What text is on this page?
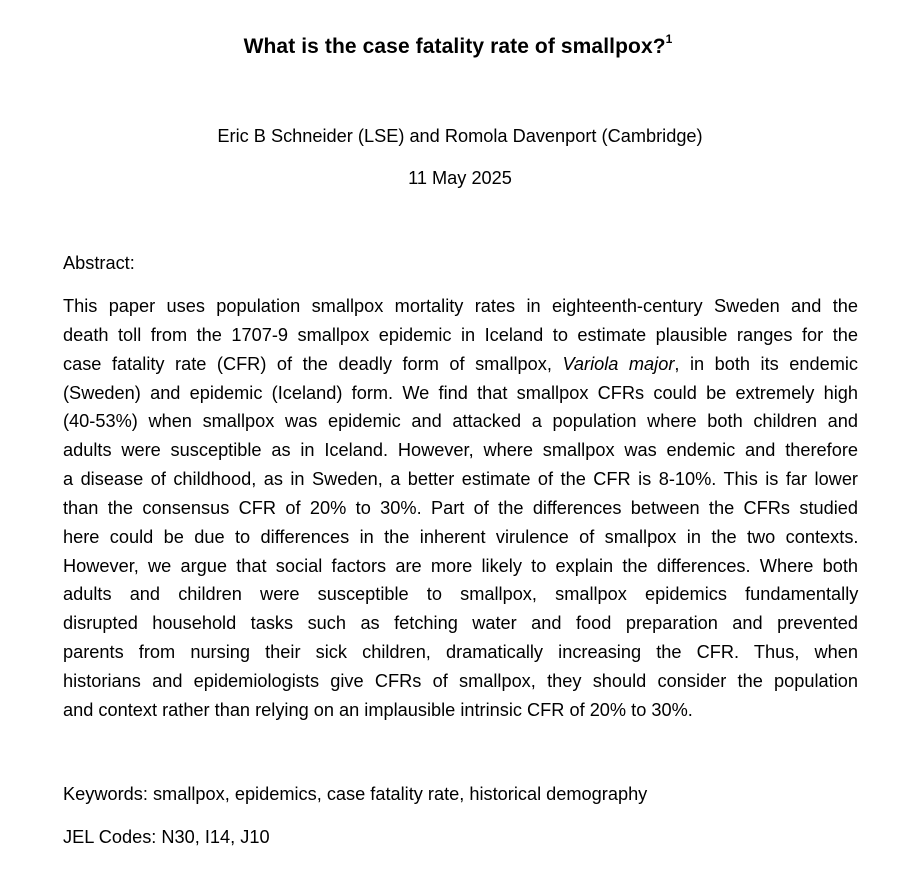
What is the case fatality rate of smallpox?$^1$
Eric B Schneider (LSE) and Romola Davenport (Cambridge)
11 May 2025
Abstract:
This paper uses population smallpox mortality rates in eighteenth-century Sweden and the
death toll from the 1707-9 smallpox epidemic in Iceland to estimate plausible ranges for the
case fatality rate (CFR) of the deadly form of smallpox, Variola major, in both its endemic
(Sweden) and epidemic (Iceland) form. We find that smallpox CFRs could be extremely high
(40-53%) when smallpox was epidemic and attacked a population where both children and
adults were susceptible as in Iceland. However, where smallpox was endemic and therefore
a disease of childhood, as in Sweden, a better estimate of the CFR is 8-10%. This is far lower
than the consensus CFR of 20% to 30%. Part of the differences between the CFRs studied
here could be due to differences in the inherent virulence of smallpox in the two contexts.
However, we argue that social factors are more likely to explain the differences. Where both
adults and children were susceptible to smallpox, smallpox epidemics fundamentally
disrupted household tasks such as fetching water and food preparation and prevented
parents from nursing their sick children, dramatically increasing the CFR. Thus, when
historians and epidemiologists give CFRs of smallpox, they should consider the population
and context rather than relying on an implausible intrinsic CFR of 20% to 30%.
Keywords: smallpox, epidemics, case fatality rate, historical demography
JEL Codes: N30, I14, J10
